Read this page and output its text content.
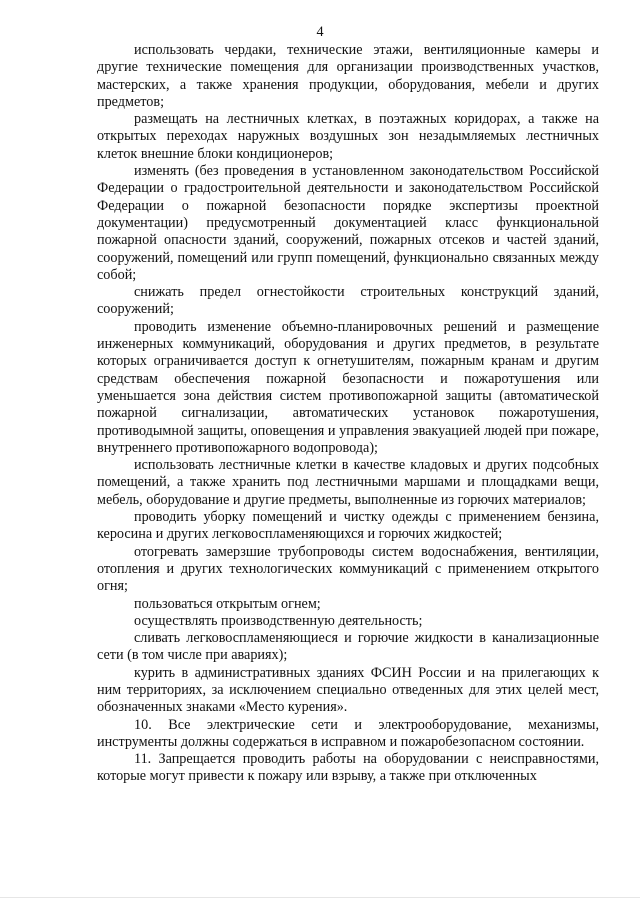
4

использовать чердаки, технические этажи, вентиляционные камеры и другие технические помещения для организации производственных участков, мастерских, а также хранения продукции, оборудования, мебели и других предметов;

размещать на лестничных клетках, в поэтажных коридорах, а также на открытых переходах наружных воздушных зон незадымляемых лестничных клеток внешние блоки кондиционеров;

изменять (без проведения в установленном законодательством Российской Федерации о градостроительной деятельности и законодательством Российской Федерации о пожарной безопасности порядке экспертизы проектной документации) предусмотренный документацией класс функциональной пожарной опасности зданий, сооружений, пожарных отсеков и частей зданий, сооружений, помещений или групп помещений, функционально связанных между собой;

снижать предел огнестойкости строительных конструкций зданий, сооружений;

проводить изменение объемно-планировочных решений и размещение инженерных коммуникаций, оборудования и других предметов, в результате которых ограничивается доступ к огнетушителям, пожарным кранам и другим средствам обеспечения пожарной безопасности и пожаротушения или уменьшается зона действия систем противопожарной защиты (автоматической пожарной сигнализации, автоматических установок пожаротушения, противодымной защиты, оповещения и управления эвакуацией людей при пожаре, внутреннего противопожарного водопровода);

использовать лестничные клетки в качестве кладовых и других подсобных помещений, а также хранить под лестничными маршами и площадками вещи, мебель, оборудование и другие предметы, выполненные из горючих материалов;

проводить уборку помещений и чистку одежды с применением бензина, керосина и других легковоспламеняющихся и горючих жидкостей;

отогревать замерзшие трубопроводы систем водоснабжения, вентиляции, отопления и других технологических коммуникаций с применением открытого огня;

пользоваться открытым огнем;

осуществлять производственную деятельность;

сливать легковоспламеняющиеся и горючие жидкости в канализационные сети (в том числе при авариях);

курить в административных зданиях ФСИН России и на прилегающих к ним территориях, за исключением специально отведенных для этих целей мест, обозначенных знаками «Место курения».

10. Все электрические сети и электрооборудование, механизмы, инструменты должны содержаться в исправном и пожаробезопасном состоянии.

11. Запрещается проводить работы на оборудовании с неисправностями, которые могут привести к пожару или взрыву, а также при отключенных
